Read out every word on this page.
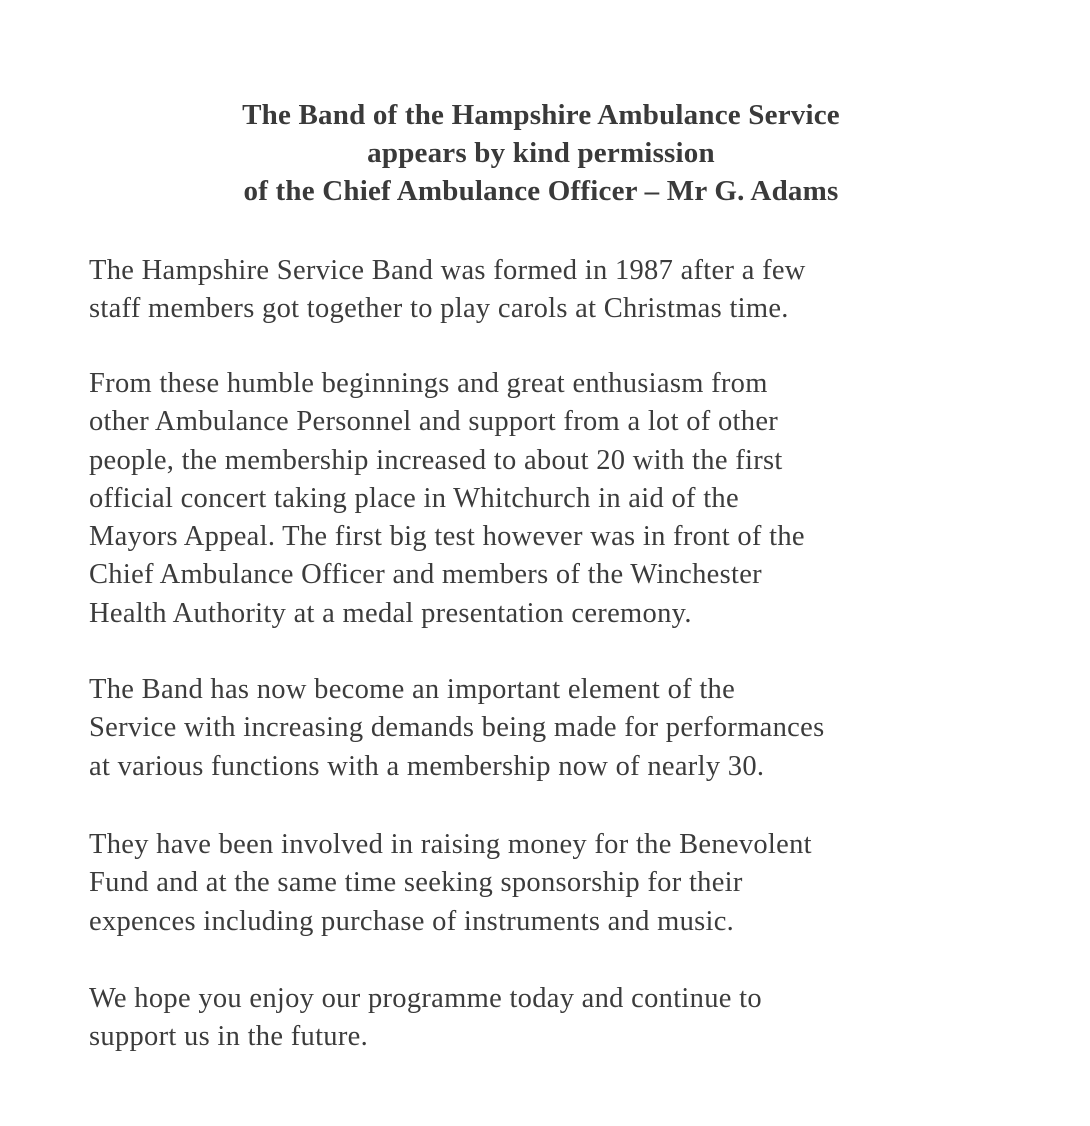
The Band of the Hampshire Ambulance Service
appears by kind permission
of the Chief Ambulance Officer – Mr G. Adams
The Hampshire Service Band was formed in 1987 after a few
staff members got together to play carols at Christmas time.
From these humble beginnings and great enthusiasm from
other Ambulance Personnel and support from a lot of other
people, the membership increased to about 20 with the first
official concert taking place in Whitchurch in aid of the
Mayors Appeal. The first big test however was in front of the
Chief Ambulance Officer and members of the Winchester
Health Authority at a medal presentation ceremony.
The Band has now become an important element of the
Service with increasing demands being made for performances
at various functions with a membership now of nearly 30.
They have been involved in raising money for the Benevolent
Fund and at the same time seeking sponsorship for their
expences including purchase of instruments and music.
We hope you enjoy our programme today and continue to
support us in the future.
